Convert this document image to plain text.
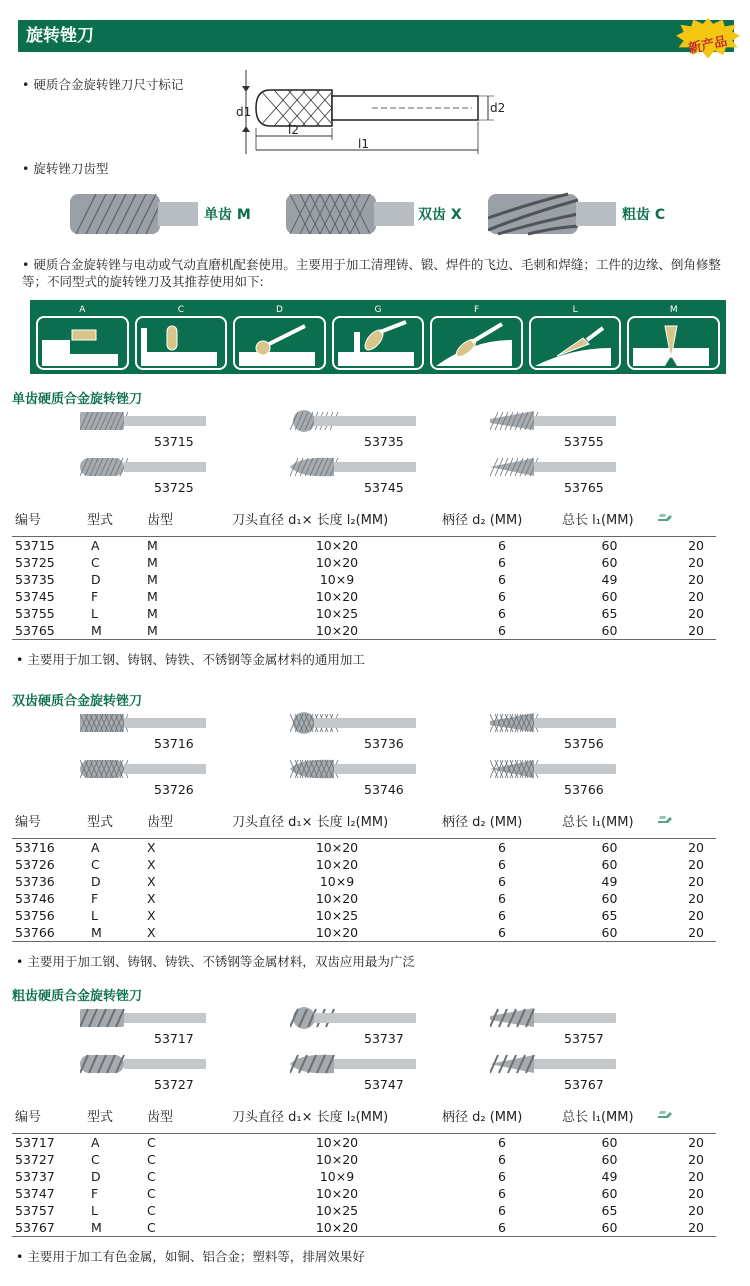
旋转锉刀	新产品
• 硬质合金旋转锉刀尺寸标记
d1	d2
l2
l1
• 旋转锉刀齿型
单齿 M	双齿 X	粗齿 C
• 硬质合金旋转锉与电动或气动直磨机配套使用。主要用于加工清理铸、锻、焊件的飞边、毛刺和焊缝；工件的边缘、倒角修整等；不同型式的旋转锉刀及其推荐使用如下:
A	C	D	G	F	L	M
单齿硬质合金旋转锉刀
53715	53735	53755
53725	53745	53765
编号	型式	齿型	刀头直径 d₁× 长度 l₂(MM)	柄径 d₂ (MM)	总长 l₁(MM)	
53715	A	M	10×20	6	60	20
53725	C	M	10×20	6	60	20
53735	D	M	10×9	6	49	20
53745	F	M	10×20	6	60	20
53755	L	M	10×25	6	65	20
53765	M	M	10×20	6	60	20
• 主要用于加工钢、铸钢、铸铁、不锈钢等金属材料的通用加工
双齿硬质合金旋转锉刀
53716	53736	53756
53726	53746	53766
编号	型式	齿型	刀头直径 d₁× 长度 l₂(MM)	柄径 d₂ (MM)	总长 l₁(MM)	
53716	A	X	10×20	6	60	20
53726	C	X	10×20	6	60	20
53736	D	X	10×9	6	49	20
53746	F	X	10×20	6	60	20
53756	L	X	10×25	6	65	20
53766	M	X	10×20	6	60	20
• 主要用于加工钢、铸钢、铸铁、不锈钢等金属材料，双齿应用最为广泛
粗齿硬质合金旋转锉刀
53717	53737	53757
53727	53747	53767
编号	型式	齿型	刀头直径 d₁× 长度 l₂(MM)	柄径 d₂ (MM)	总长 l₁(MM)	
53717	A	C	10×20	6	60	20
53727	C	C	10×20	6	60	20
53737	D	C	10×9	6	49	20
53747	F	C	10×20	6	60	20
53757	L	C	10×25	6	65	20
53767	M	C	10×20	6	60	20
• 主要用于加工有色金属，如铜、铝合金；塑料等，排屑效果好
